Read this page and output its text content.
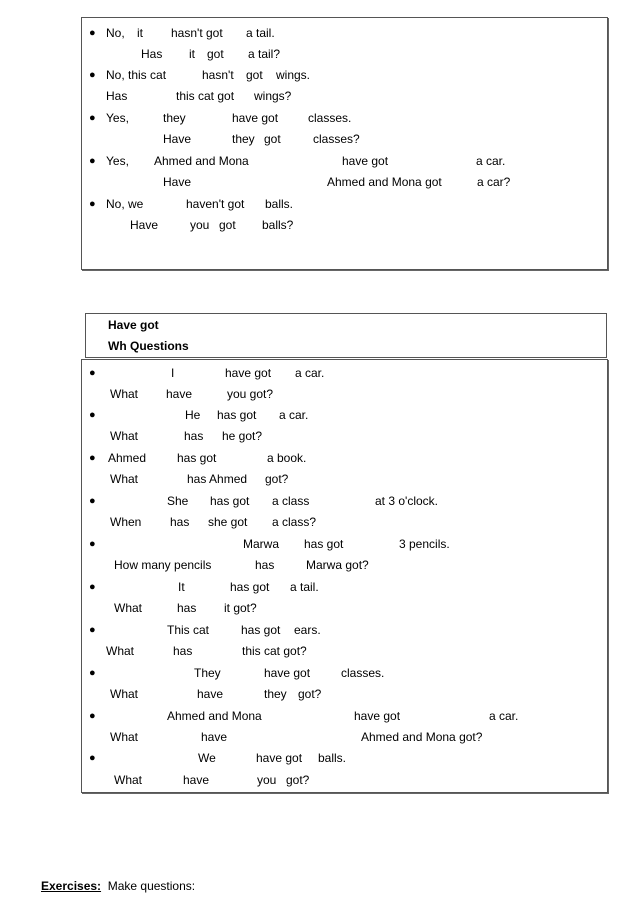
Have got
Wh Questions
● No, it hasn't got a tail.
Has it got a tail?
● No, this cat	hasn't got wings.
Has	this cat got wings?
● Yes,	they	have got classes.
Have	they got	classes?
● Yes, Ahmed and Mona	have got	a car.
Have	Ahmed and Mona got	a car?
● No, we	haven't got balls.
Have	you got balls?
●	I	have got a car.
What have	you got?
●	He has got a car.
What	has he got?
● Ahmed	has got	a book.
What	has Ahmed got?
●	She has got a class	at 3 o'clock.
When has she got a class?
●	Marwa has got	3 pencils.
How many pencils	has	Marwa got?
●	It	has got a tail.
What	has it got?
●	This cat	has got ears.
What	has	this cat got?
●	They	have got	classes.
What	have	they got?
●	Ahmed and Mona	have got	a car.
What	have	Ahmed and Mona got?
●	We	have got balls.
What	have	you got?
Exercises: Make questions:
